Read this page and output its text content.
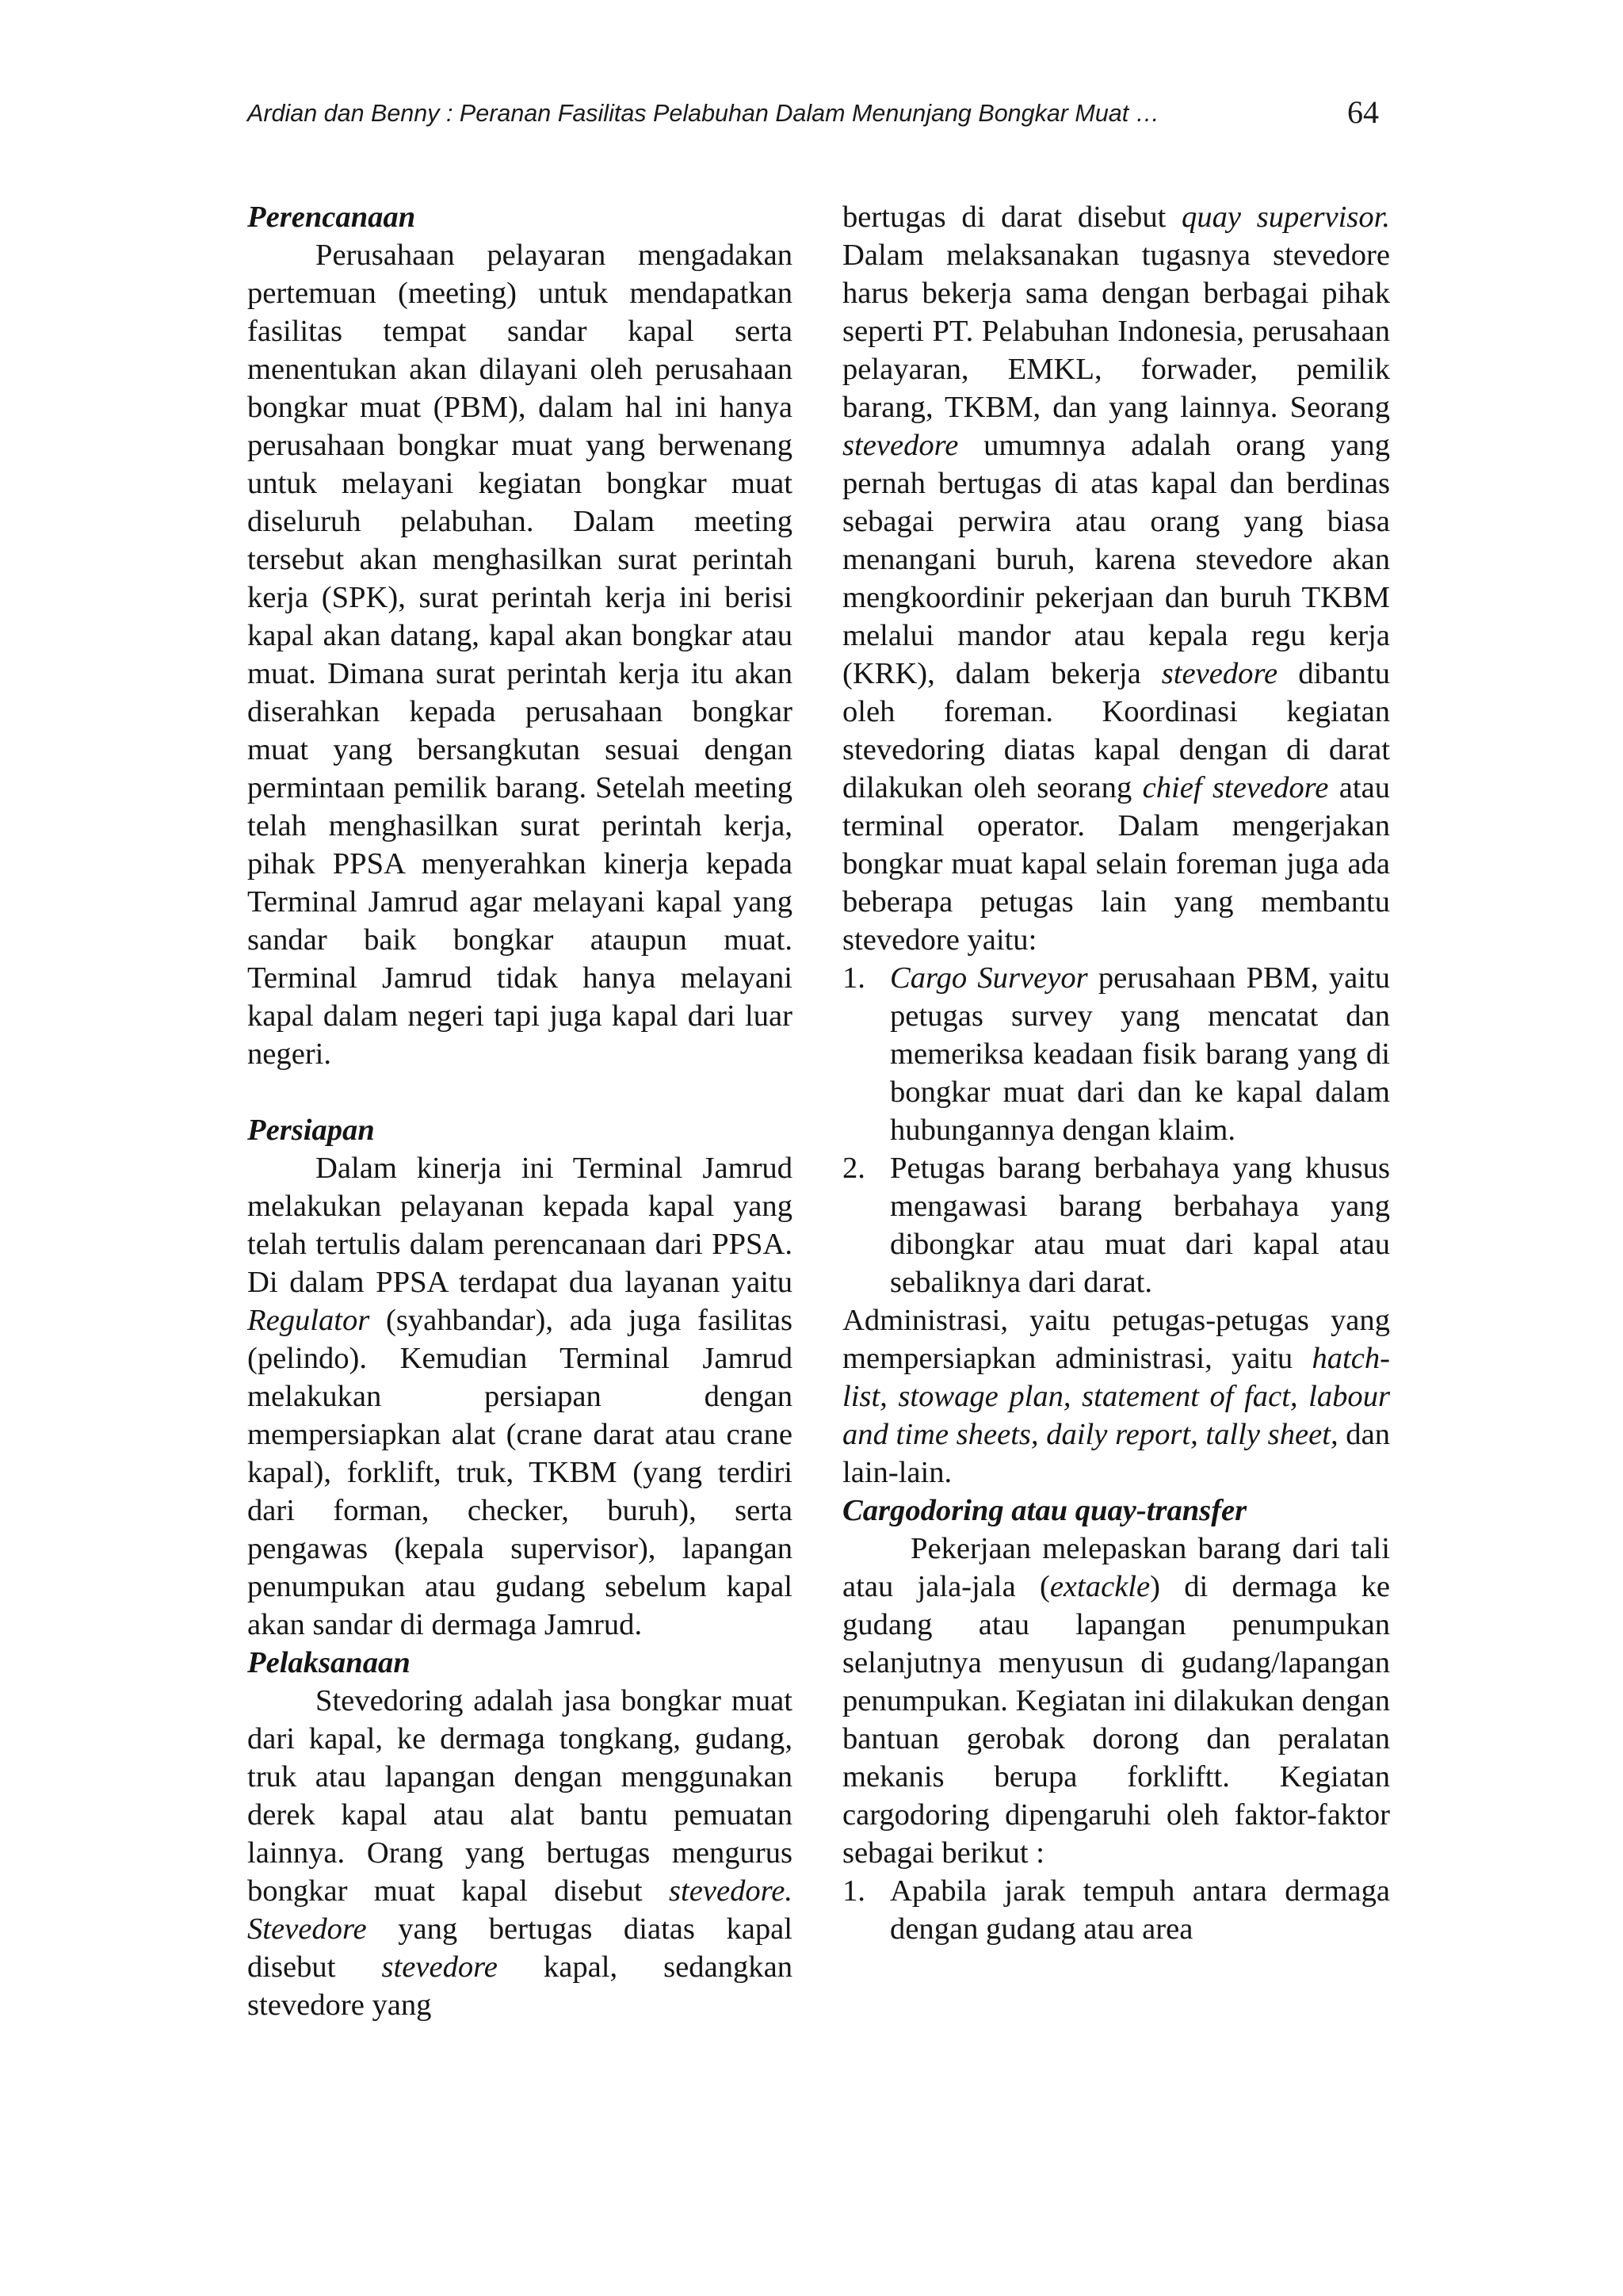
Ardian dan Benny : Peranan Fasilitas Pelabuhan Dalam Menunjang Bongkar Muat …	64

Perencanaan

Perusahaan pelayaran mengadakan pertemuan (meeting) untuk mendapatkan fasilitas tempat sandar kapal serta menentukan akan dilayani oleh perusahaan bongkar muat (PBM), dalam hal ini hanya perusahaan bongkar muat yang berwenang untuk melayani kegiatan bongkar muat diseluruh pelabuhan. Dalam meeting tersebut akan menghasilkan surat perintah kerja (SPK), surat perintah kerja ini berisi kapal akan datang, kapal akan bongkar atau muat. Dimana surat perintah kerja itu akan diserahkan kepada perusahaan bongkar muat yang bersangkutan sesuai dengan permintaan pemilik barang. Setelah meeting telah menghasilkan surat perintah kerja, pihak PPSA menyerahkan kinerja kepada Terminal Jamrud agar melayani kapal yang sandar baik bongkar ataupun muat. Terminal Jamrud tidak hanya melayani kapal dalam negeri tapi juga kapal dari luar negeri.

Persiapan

Dalam kinerja ini Terminal Jamrud melakukan pelayanan kepada kapal yang telah tertulis dalam perencanaan dari PPSA. Di dalam PPSA terdapat dua layanan yaitu Regulator (syahbandar), ada juga fasilitas (pelindo). Kemudian Terminal Jamrud melakukan persiapan dengan mempersiapkan alat (crane darat atau crane kapal), forklift, truk, TKBM (yang terdiri dari forman, checker, buruh), serta pengawas (kepala supervisor), lapangan penumpukan atau gudang sebelum kapal akan sandar di dermaga Jamrud.

Pelaksanaan

Stevedoring adalah jasa bongkar muat dari kapal, ke dermaga tongkang, gudang, truk atau lapangan dengan menggunakan derek kapal atau alat bantu pemuatan lainnya. Orang yang bertugas mengurus bongkar muat kapal disebut stevedore. Stevedore yang bertugas diatas kapal disebut stevedore kapal, sedangkan stevedore yang

bertugas di darat disebut quay supervisor. Dalam melaksanakan tugasnya stevedore harus bekerja sama dengan berbagai pihak seperti PT. Pelabuhan Indonesia, perusahaan pelayaran, EMKL, forwader, pemilik barang, TKBM, dan yang lainnya. Seorang stevedore umumnya adalah orang yang pernah bertugas di atas kapal dan berdinas sebagai perwira atau orang yang biasa menangani buruh, karena stevedore akan mengkoordinir pekerjaan dan buruh TKBM melalui mandor atau kepala regu kerja (KRK), dalam bekerja stevedore dibantu oleh foreman. Koordinasi kegiatan stevedoring diatas kapal dengan di darat dilakukan oleh seorang chief stevedore atau terminal operator. Dalam mengerjakan bongkar muat kapal selain foreman juga ada beberapa petugas lain yang membantu stevedore yaitu:

1. Cargo Surveyor perusahaan PBM, yaitu petugas survey yang mencatat dan memeriksa keadaan fisik barang yang di bongkar muat dari dan ke kapal dalam hubungannya dengan klaim.
2. Petugas barang berbahaya yang khusus mengawasi barang berbahaya yang dibongkar atau muat dari kapal atau sebaliknya dari darat.

Administrasi, yaitu petugas-petugas yang mempersiapkan administrasi, yaitu hatch-list, stowage plan, statement of fact, labour and time sheets, daily report, tally sheet, dan lain-lain.

Cargodoring atau quay-transfer

Pekerjaan melepaskan barang dari tali atau jala-jala (extackle) di dermaga ke gudang atau lapangan penumpukan selanjutnya menyusun di gudang/lapangan penumpukan. Kegiatan ini dilakukan dengan bantuan gerobak dorong dan peralatan mekanis berupa forkliftt. Kegiatan cargodoring dipengaruhi oleh faktor-faktor sebagai berikut :

1. Apabila jarak tempuh antara dermaga dengan gudang atau area
